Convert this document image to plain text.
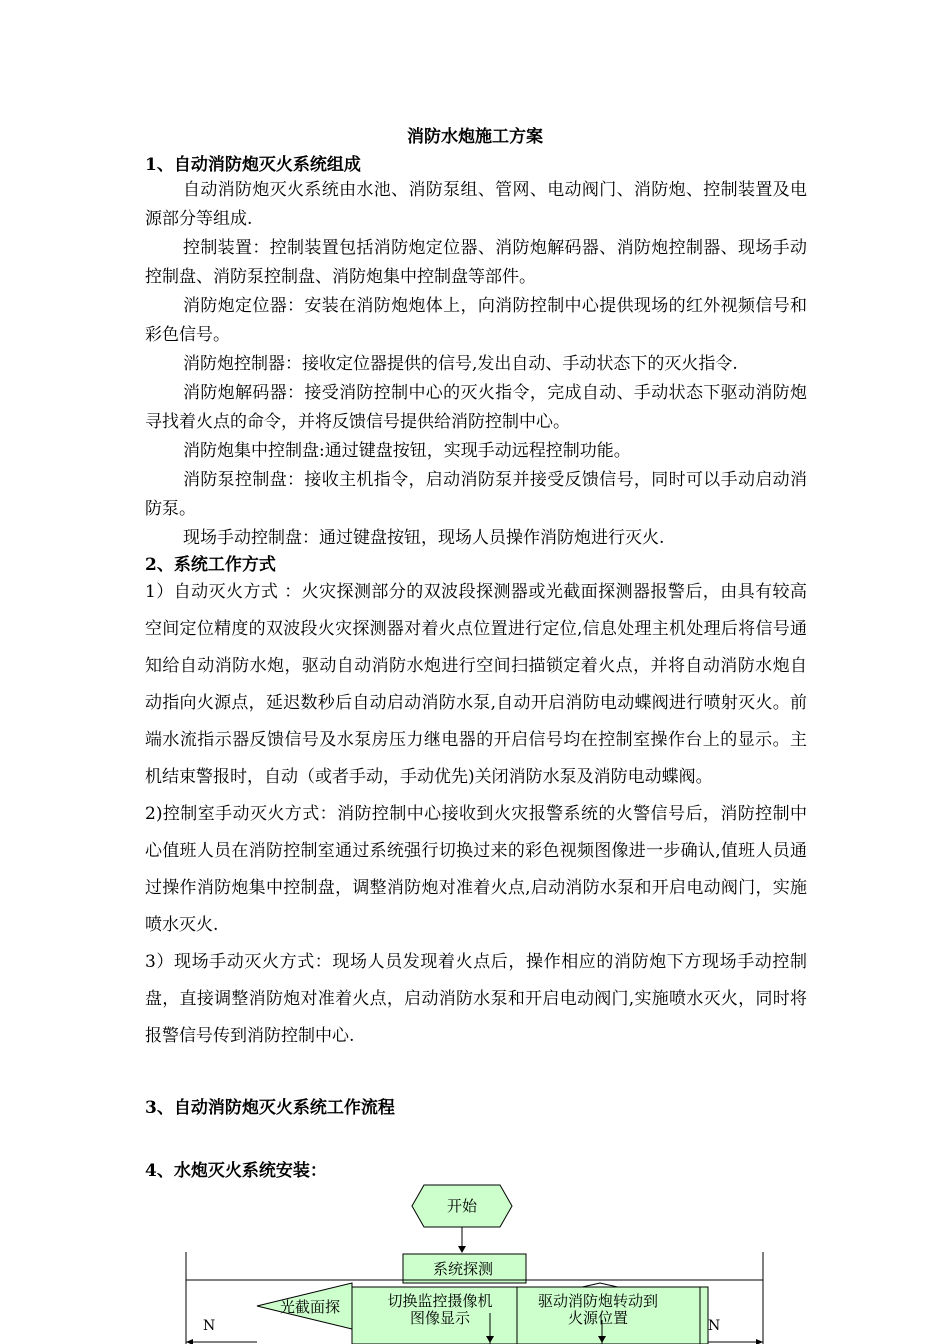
消防水炮施工方案
1、自动消防炮灭火系统组成

自动消防炮灭火系统由水池、消防泵组、管网、电动阀门、消防炮、控制装置及电源部分等组成.

控制装置：控制装置包括消防炮定位器、消防炮解码器、消防炮控制器、现场手动控制盘、消防泵控制盘、消防炮集中控制盘等部件。

消防炮定位器：安装在消防炮炮体上，向消防控制中心提供现场的红外视频信号和彩色信号。

消防炮控制器：接收定位器提供的信号,发出自动、手动状态下的灭火指令.

消防炮解码器：接受消防控制中心的灭火指令，完成自动、手动状态下驱动消防炮寻找着火点的命令，并将反馈信号提供给消防控制中心。

消防炮集中控制盘:通过键盘按钮，实现手动远程控制功能。

消防泵控制盘：接收主机指令，启动消防泵并接受反馈信号，同时可以手动启动消防泵。

现场手动控制盘：通过键盘按钮，现场人员操作消防炮进行灭火.

2、系统工作方式

1）自动灭火方式 ：火灾探测部分的双波段探测器或光截面探测器报警后，由具有较高空间定位精度的双波段火灾探测器对着火点位置进行定位,信息处理主机处理后将信号通知给自动消防水炮，驱动自动消防水炮进行空间扫描锁定着火点，并将自动消防水炮自动指向火源点，延迟数秒后自动启动消防水泵,自动开启消防电动蝶阀进行喷射灭火。前端水流指示器反馈信号及水泵房压力继电器的开启信号均在控制室操作台上的显示。主机结束警报时，自动（或者手动，手动优先)关闭消防水泵及消防电动蝶阀。

2)控制室手动灭火方式：消防控制中心接收到火灾报警系统的火警信号后，消防控制中心值班人员在消防控制室通过系统强行切换过来的彩色视频图像进一步确认,值班人员通过操作消防炮集中控制盘，调整消防炮对准着火点,启动消防水泵和开启电动阀门，实施喷水灭火.

3）现场手动灭火方式：现场人员发现着火点后，操作相应的消防炮下方现场手动控制盘，直接调整消防炮对准着火点，启动消防水泵和开启电动阀门,实施喷水灭火，同时将报警信号传到消防控制中心.

3、自动消防炮灭火系统工作流程
4、水炮灭火系统安装：
开始
系统探测
光截面探	切换监控摄像机
图像显示
驱动消防炮转动到
火源位置
N	N
